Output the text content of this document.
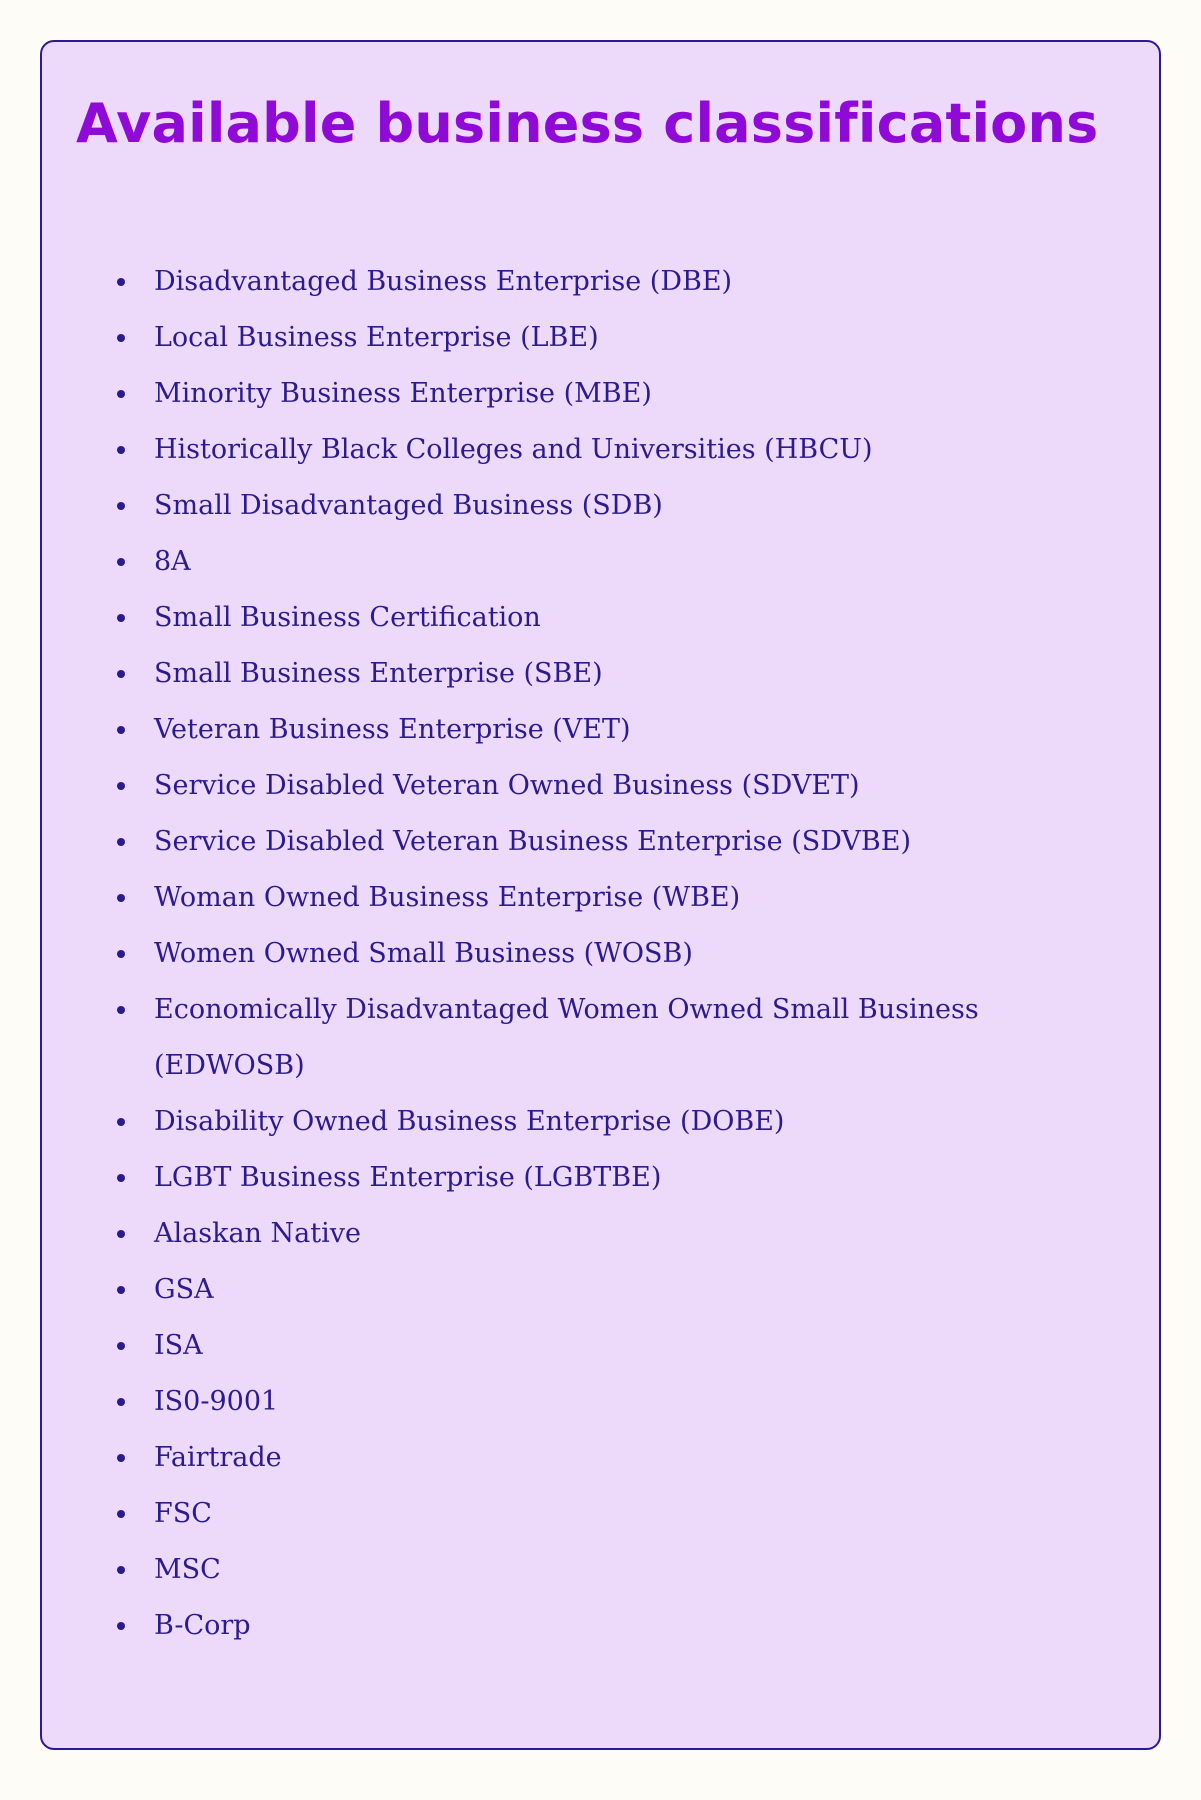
Available business classifications
Disadvantaged Business Enterprise (DBE)
Local Business Enterprise (LBE)
Minority Business Enterprise (MBE)
Historically Black Colleges and Universities (HBCU)
Small Disadvantaged Business (SDB)
8A
Small Business Certification
Small Business Enterprise (SBE)
Veteran Business Enterprise (VET)
Service Disabled Veteran Owned Business (SDVET)
Service Disabled Veteran Business Enterprise (SDVBE)
Woman Owned Business Enterprise (WBE)
Women Owned Small Business (WOSB)
Economically Disadvantaged Women Owned Small Business (EDWOSB)
Disability Owned Business Enterprise (DOBE)
LGBT Business Enterprise (LGBTBE)
Alaskan Native
GSA
ISA
IS0-9001
Fairtrade
FSC
MSC
B-Corp
